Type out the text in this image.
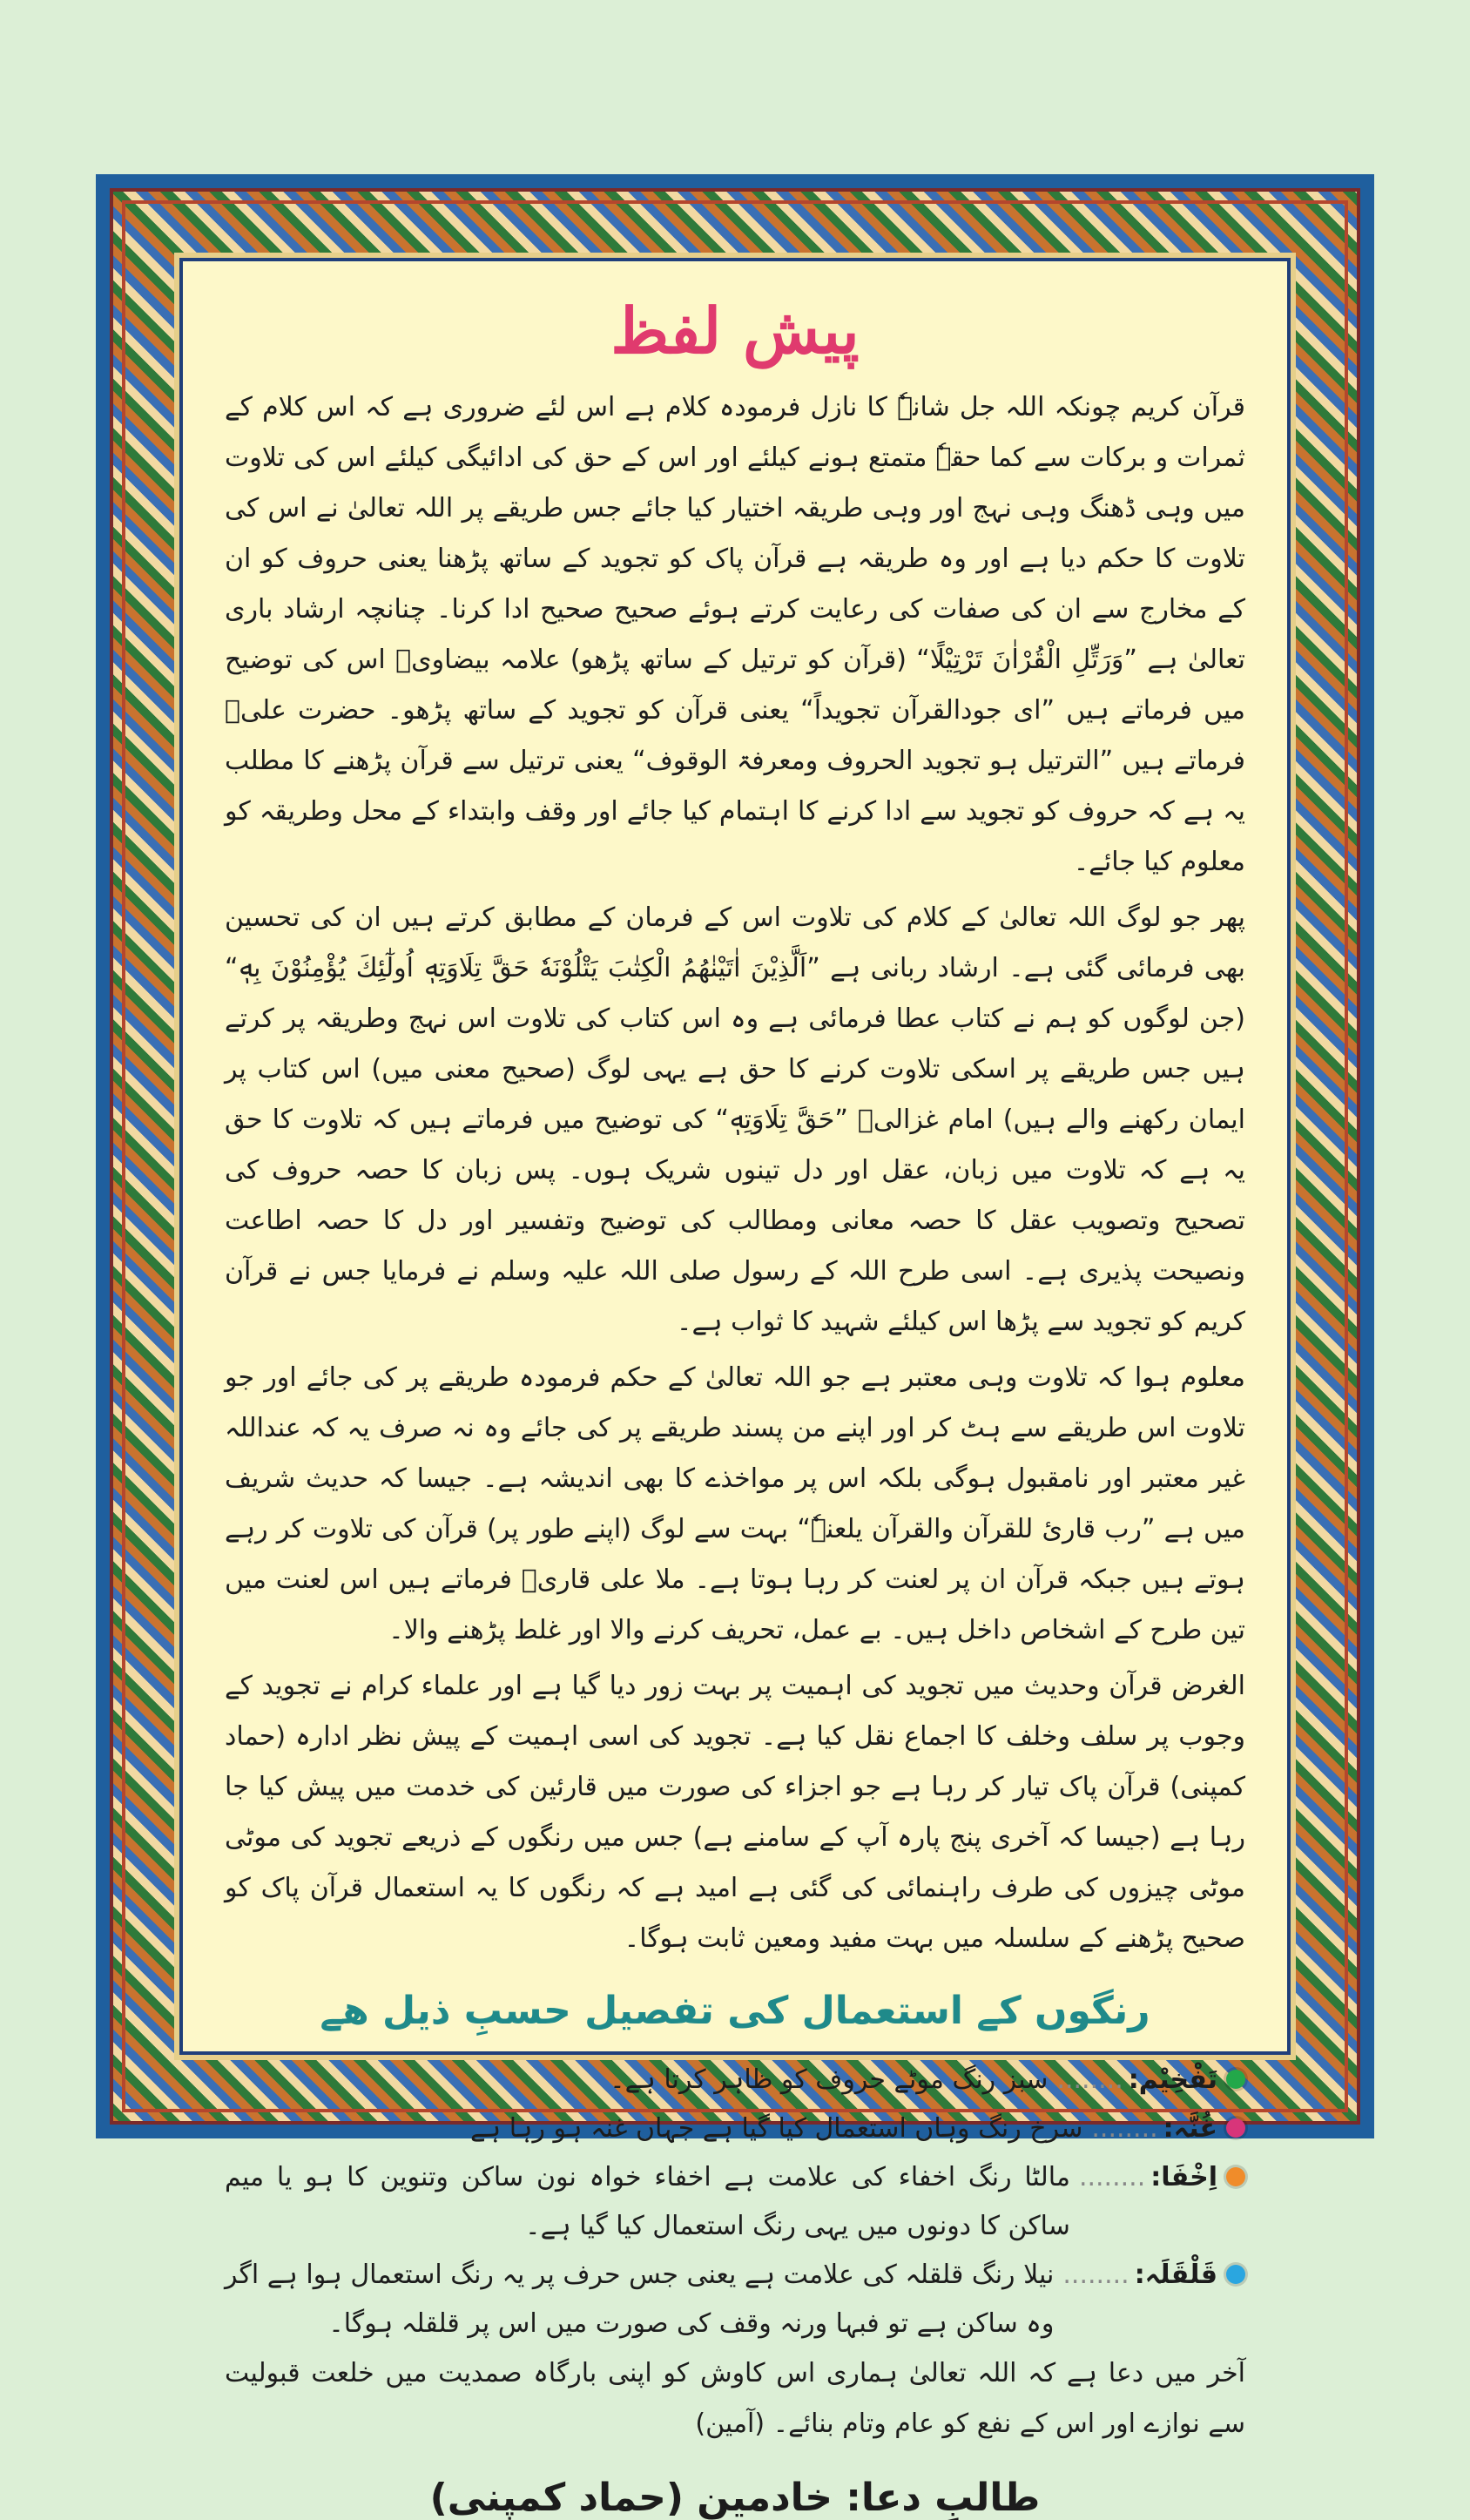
پیش لفظ

قرآن کریم چونکہ اللہ جل شانہٗ کا نازل فرمودہ کلام ہے اس لئے ضروری ہے کہ اس کلام کے ثمرات و برکات سے کما حقہٗ متمتع ہونے کیلئے اور اس کے حق کی ادائیگی کیلئے اس کی تلاوت میں وہی ڈھنگ وہی نہج اور وہی طریقہ اختیار کیا جائے جس طریقے پر اللہ تعالیٰ نے اس کی تلاوت کا حکم دیا ہے اور وہ طریقہ ہے قرآن پاک کو تجوید کے ساتھ پڑھنا یعنی حروف کو ان کے مخارج سے ان کی صفات کی رعایت کرتے ہوئے صحیح صحیح ادا کرنا۔ چنانچہ ارشاد باری تعالیٰ ہے ”وَرَتِّلِ الْقُرْاٰنَ تَرْتِيْلًا“ (قرآن کو ترتیل کے ساتھ پڑھو) علامہ بیضاویؒ اس کی توضیح میں فرماتے ہیں ”ای جودالقرآن تجویداً“ یعنی قرآن کو تجوید کے ساتھ پڑھو۔ حضرت علیؓ فرماتے ہیں ”الترتیل ہو تجوید الحروف ومعرفۃ الوقوف“ یعنی ترتیل سے قرآن پڑھنے کا مطلب یہ ہے کہ حروف کو تجوید سے ادا کرنے کا اہتمام کیا جائے اور وقف وابتداء کے محل وطریقہ کو معلوم کیا جائے۔

پھر جو لوگ اللہ تعالیٰ کے کلام کی تلاوت اس کے فرمان کے مطابق کرتے ہیں ان کی تحسین بھی فرمائی گئی ہے۔ ارشاد ربانی ہے ”اَلَّذِيْنَ اٰتَيْنٰهُمُ الْكِتٰبَ يَتْلُوْنَهٗ حَقَّ تِلَاوَتِهٖ اُولٰٓئِكَ يُؤْمِنُوْنَ بِهٖ“ (جن لوگوں کو ہم نے کتاب عطا فرمائی ہے وہ اس کتاب کی تلاوت اس نہج وطریقہ پر کرتے ہیں جس طریقے پر اسکی تلاوت کرنے کا حق ہے یہی لوگ (صحیح معنی میں) اس کتاب پر ایمان رکھنے والے ہیں) امام غزالیؒ ”حَقَّ تِلَاوَتِهٖ“ کی توضیح میں فرماتے ہیں کہ تلاوت کا حق یہ ہے کہ تلاوت میں زبان، عقل اور دل تینوں شریک ہوں۔ پس زبان کا حصہ حروف کی تصحیح وتصویب عقل کا حصہ معانی ومطالب کی توضیح وتفسیر اور دل کا حصہ اطاعت ونصیحت پذیری ہے۔ اسی طرح اللہ کے رسول صلی اللہ علیہ وسلم نے فرمایا جس نے قرآن کریم کو تجوید سے پڑھا اس کیلئے شہید کا ثواب ہے۔

معلوم ہوا کہ تلاوت وہی معتبر ہے جو اللہ تعالیٰ کے حکم فرمودہ طریقے پر کی جائے اور جو تلاوت اس طریقے سے ہٹ کر اور اپنے من پسند طریقے پر کی جائے وہ نہ صرف یہ کہ عنداللہ غیر معتبر اور نامقبول ہوگی بلکہ اس پر مواخذے کا بھی اندیشہ ہے۔ جیسا کہ حدیث شریف میں ہے ”رب قاریٔ للقرآن والقرآن یلعنہٗ“ بہت سے لوگ (اپنے طور پر) قرآن کی تلاوت کر رہے ہوتے ہیں جبکہ قرآن ان پر لعنت کر رہا ہوتا ہے۔ ملا علی قاریؒ فرماتے ہیں اس لعنت میں تین طرح کے اشخاص داخل ہیں۔ بے عمل، تحریف کرنے والا اور غلط پڑھنے والا۔

الغرض قرآن وحدیث میں تجوید کی اہمیت پر بہت زور دیا گیا ہے اور علماء کرام نے تجوید کے وجوب پر سلف وخلف کا اجماع نقل کیا ہے۔ تجوید کی اسی اہمیت کے پیش نظر ادارہ (حماد کمپنی) قرآن پاک تیار کر رہا ہے جو اجزاء کی صورت میں قارئین کی خدمت میں پیش کیا جا رہا ہے (جیسا کہ آخری پنج پارہ آپ کے سامنے ہے) جس میں رنگوں کے ذریعے تجوید کی موٹی موٹی چیزوں کی طرف راہنمائی کی گئی ہے امید ہے کہ رنگوں کا یہ استعمال قرآن پاک کو صحیح پڑھنے کے سلسلہ میں بہت مفید ومعین ثابت ہوگا۔

رنگوں کے استعمال کی تفصیل حسبِ ذیل ھے
تَفْخِيْم:
........
سبز رنگ موٹے حروف کو ظاہر کرتا ہے۔
غُنَّہ:
........
سرخ رنگ وہاں استعمال کیا گیا ہے جہاں غنہ ہو رہا ہے
اِخْفَا:
........
مالٹا رنگ اخفاء کی علامت ہے اخفاء خواہ نون ساکن وتنوین کا ہو یا میم ساکن کا دونوں میں یہی رنگ استعمال کیا گیا ہے۔
قَلْقَلَہ:
........
نیلا رنگ قلقلہ کی علامت ہے یعنی جس حرف پر یہ رنگ استعمال ہوا ہے اگر وہ ساکن ہے تو فبہا ورنہ وقف کی صورت میں اس پر قلقلہ ہوگا۔

آخر میں دعا ہے کہ اللہ تعالیٰ ہماری اس کاوش کو اپنی بارگاہ صمدیت میں خلعت قبولیت سے نوازے اور اس کے نفع کو عام وتام بنائے۔ (آمین)

طالبِ دعا: خادمین (حماد کمپنی)
